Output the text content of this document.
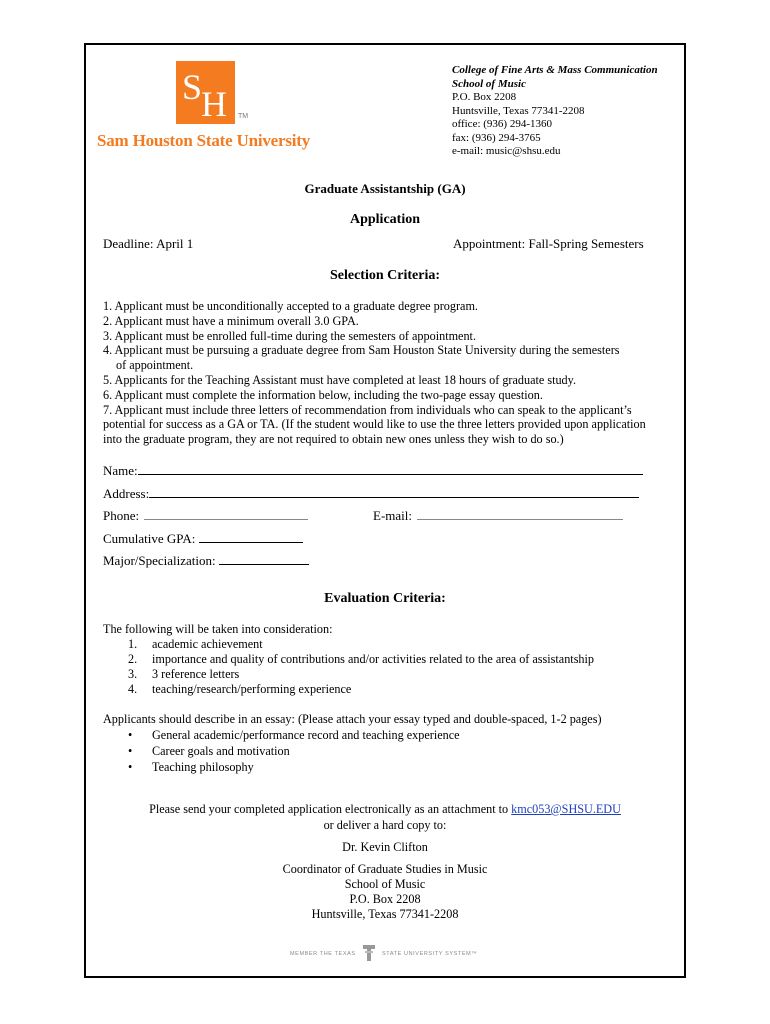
S
H TM
Sam Houston State University
College of Fine Arts & Mass Communication
School of Music
P.O. Box 2208
Huntsville, Texas 77341-2208
office: (936) 294-1360
fax: (936) 294-3765
e-mail: music@shsu.edu
Graduate Assistantship (GA)
Application
Deadline: April 1	Appointment: Fall-Spring Semesters
Selection Criteria:

1. Applicant must be unconditionally accepted to a graduate degree program.

2. Applicant must have a minimum overall 3.0 GPA.

3. Applicant must be enrolled full-time during the semesters of appointment.

4. Applicant must be pursuing a graduate degree from Sam Houston State University during the semesters

of appointment.

5. Applicants for the Teaching Assistant must have completed at least 18 hours of graduate study.

6. Applicant must complete the information below, including the two-page essay question.

7. Applicant must include three letters of recommendation from individuals who can speak to the applicant’s

potential for success as a GA or TA. (If the student would like to use the three letters provided upon application

into the graduate program, they are not required to obtain new ones unless they wish to do so.)

Name:
Address:
Phone:	E-mail:
Cumulative GPA:
Major/Specialization:
Evaluation Criteria:
The following will be taken into consideration:
1. academic achievement
2. importance and quality of contributions and/or activities related to the area of assistantship
3. 3 reference letters
4. teaching/research/performing experience
Applicants should describe in an essay: (Please attach your essay typed and double-spaced, 1-2 pages)
• General academic/performance record and teaching experience
• Career goals and motivation
• Teaching philosophy
Please send your completed application electronically as an attachment to kmc053@SHSU.EDU
or deliver a hard copy to:
Dr. Kevin Clifton
Coordinator of Graduate Studies in Music
School of Music
P.O. Box 2208
Huntsville, Texas 77341-2208
MEMBER THE TEXAS	STATE UNIVERSITY SYSTEM™
